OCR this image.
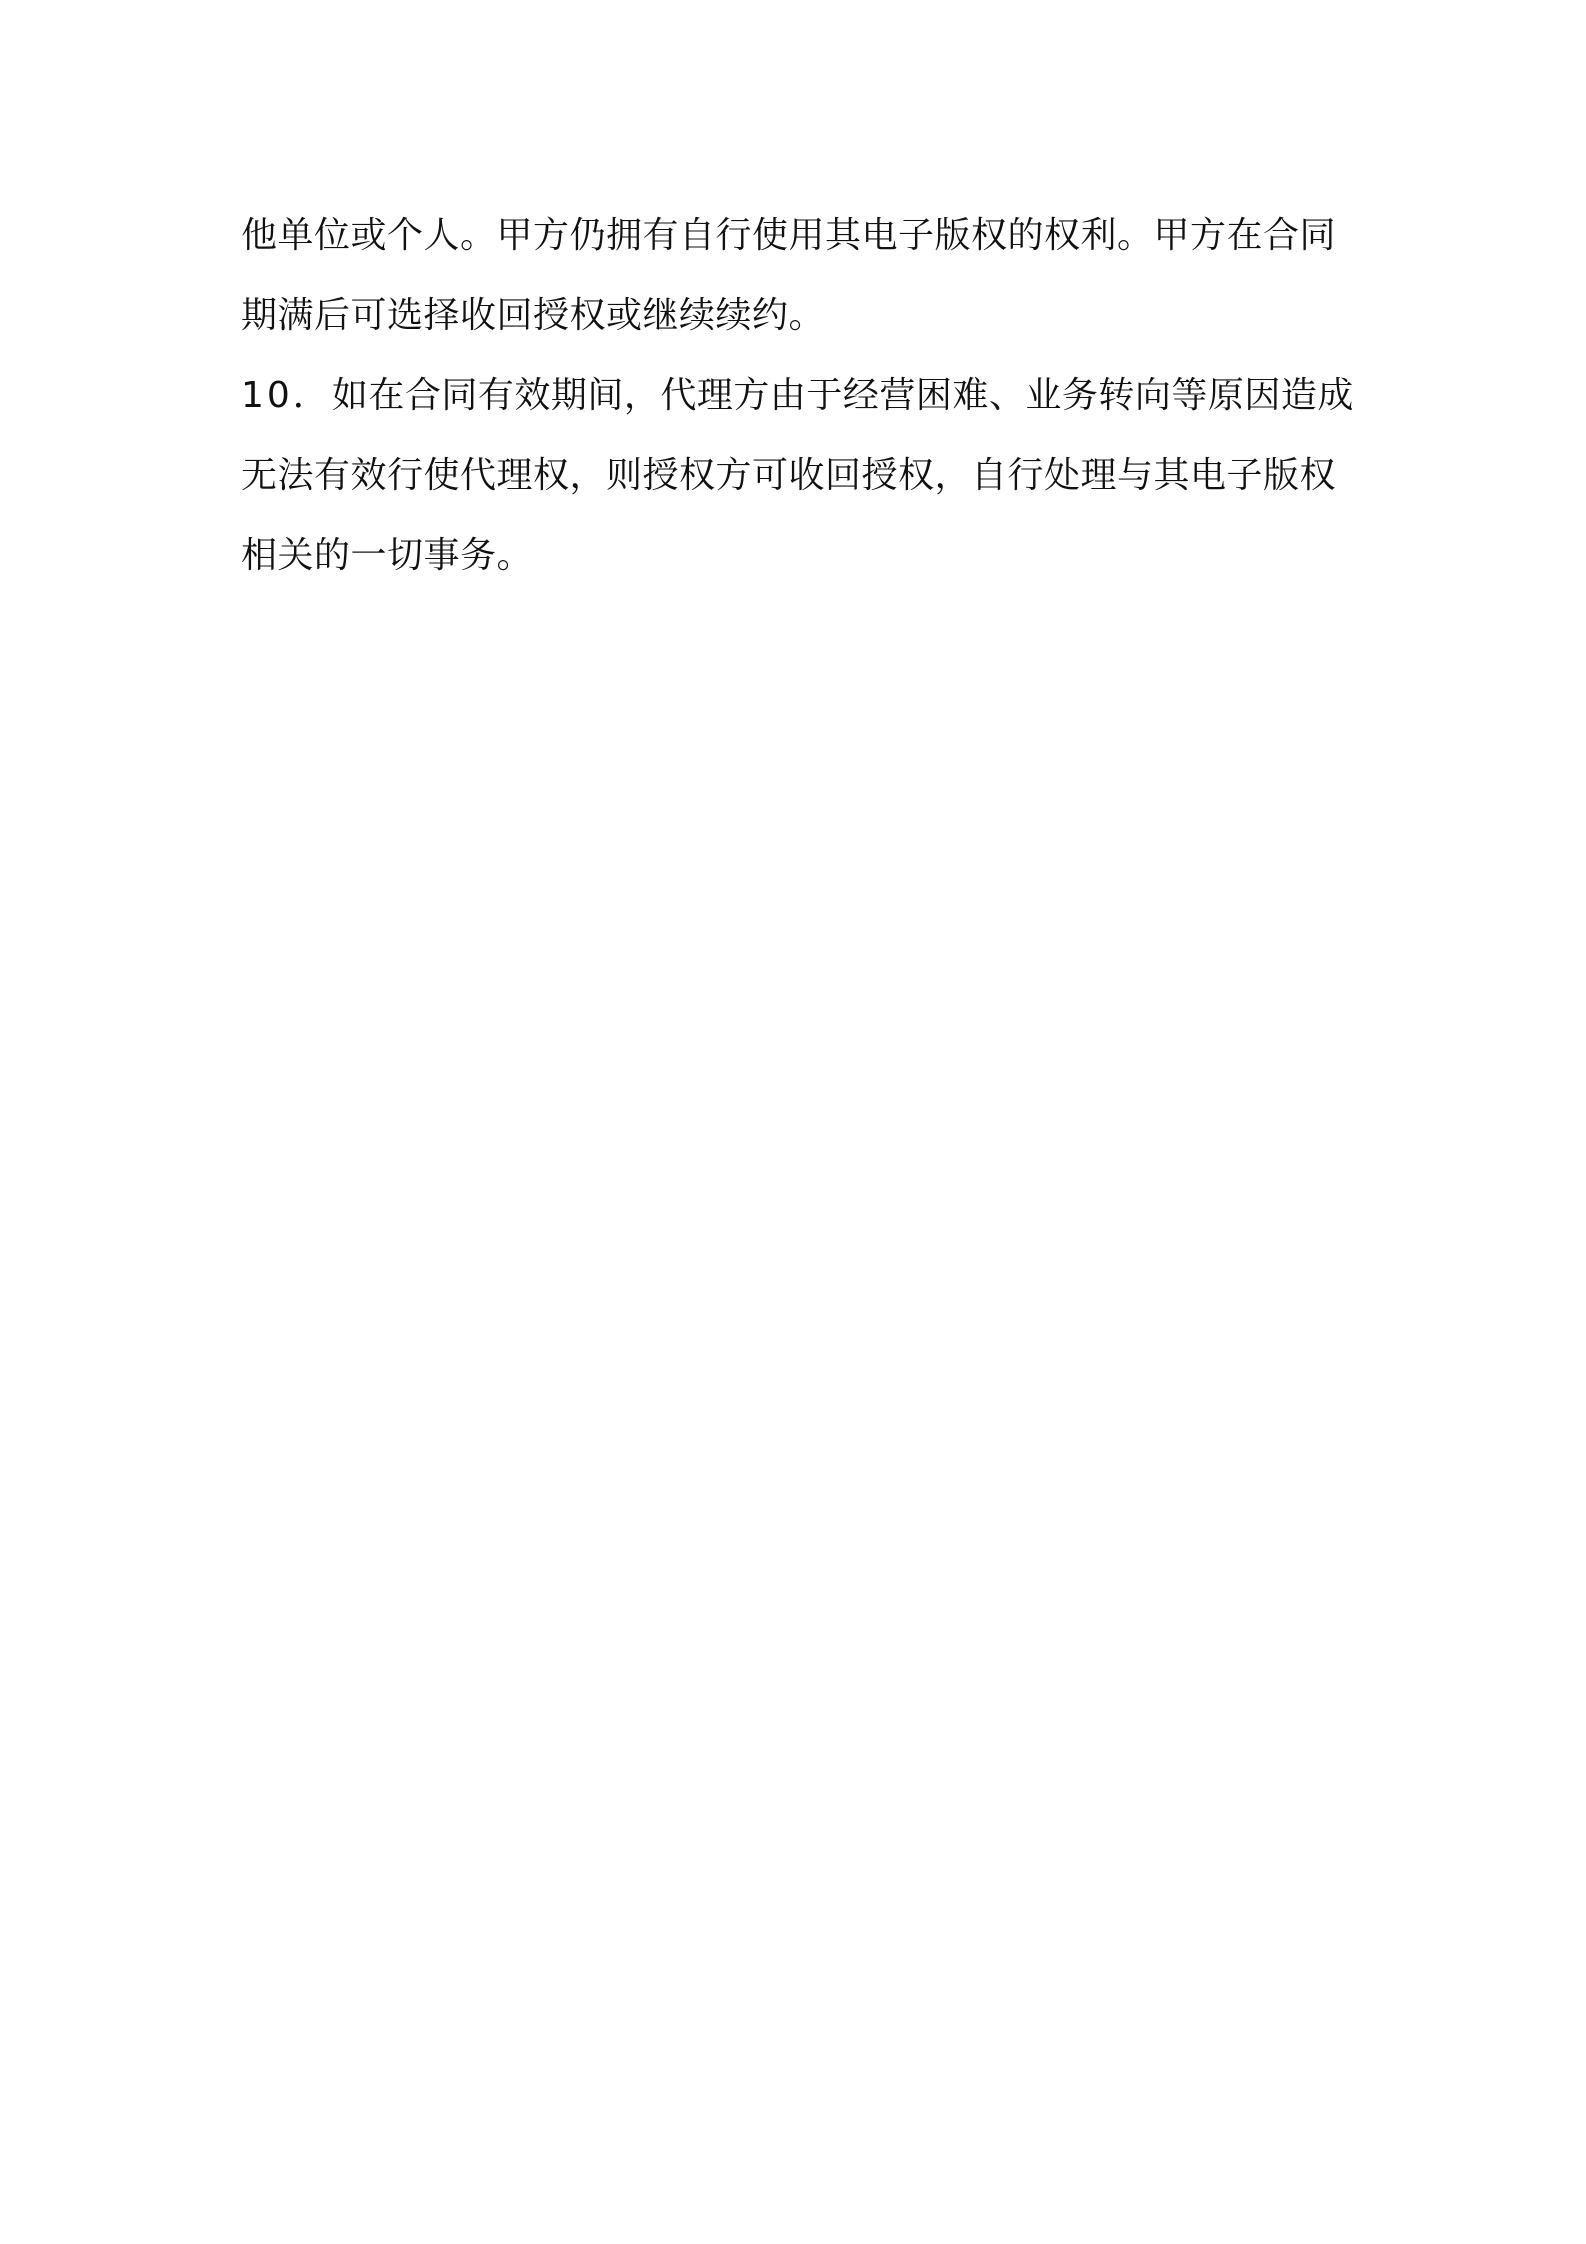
他单位或个人。甲方仍拥有自行使用其电子版权的权利。甲方在合同
期满后可选择收回授权或继续续约。
10．如在合同有效期间，代理方由于经营困难、业务转向等原因造成
无法有效行使代理权，则授权方可收回授权，自行处理与其电子版权
相关的一切事务。
